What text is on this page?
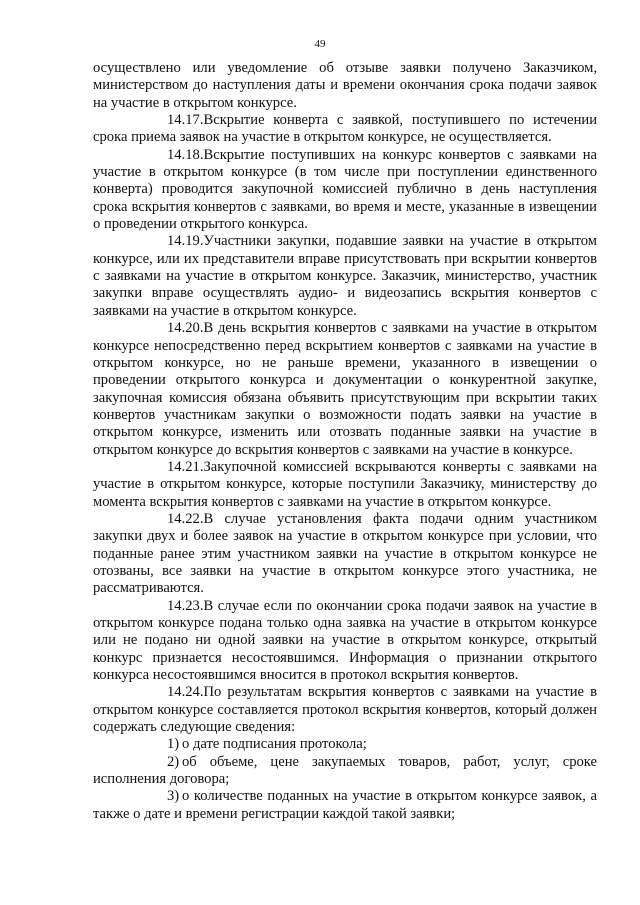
49

осуществлено или уведомление об отзыве заявки получено Заказчиком, министерством до наступления даты и времени окончания срока подачи заявок на участие в открытом конкурсе.

14.17.Вскрытие конверта с заявкой, поступившего по истечении срока приема заявок на участие в открытом конкурсе, не осуществляется.

14.18.Вскрытие поступивших на конкурс конвертов с заявками на участие в открытом конкурсе (в том числе при поступлении единственного конверта) проводится закупочной комиссией публично в день наступления срока вскрытия конвертов с заявками, во время и месте, указанные в извещении о проведении открытого конкурса.

14.19.Участники закупки, подавшие заявки на участие в открытом конкурсе, или их представители вправе присутствовать при вскрытии конвертов с заявками на участие в открытом конкурсе. Заказчик, министерство, участник закупки вправе осуществлять аудио- и видеозапись вскрытия конвертов с заявками на участие в открытом конкурсе.

14.20.В день вскрытия конвертов с заявками на участие в открытом конкурсе непосредственно перед вскрытием конвертов с заявками на участие в открытом конкурсе, но не раньше времени, указанного в извещении о проведении открытого конкурса и документации о конкурентной закупке, закупочная комиссия обязана объявить присутствующим при вскрытии таких конвертов участникам закупки о возможности подать заявки на участие в открытом конкурсе, изменить или отозвать поданные заявки на участие в открытом конкурсе до вскрытия конвертов с заявками на участие в конкурсе.

14.21.Закупочной комиссией вскрываются конверты с заявками на участие в открытом конкурсе, которые поступили Заказчику, министерству до момента вскрытия конвертов с заявками на участие в открытом конкурсе.

14.22.В случае установления факта подачи одним участником закупки двух и более заявок на участие в открытом конкурсе при условии, что поданные ранее этим участником заявки на участие в открытом конкурсе не отозваны, все заявки на участие в открытом конкурсе этого участника, не рассматриваются.

14.23.В случае если по окончании срока подачи заявок на участие в открытом конкурсе подана только одна заявка на участие в открытом конкурсе или не подано ни одной заявки на участие в открытом конкурсе, открытый конкурс признается несостоявшимся. Информация о признании открытого конкурса несостоявшимся вносится в протокол вскрытия конвертов.

14.24.По результатам вскрытия конвертов с заявками на участие в открытом конкурсе составляется протокол вскрытия конвертов, который должен содержать следующие сведения:

1) о дате подписания протокола;

2) об объеме, цене закупаемых товаров, работ, услуг, сроке исполнения договора;

3) о количестве поданных на участие в открытом конкурсе заявок, а также о дате и времени регистрации каждой такой заявки;
